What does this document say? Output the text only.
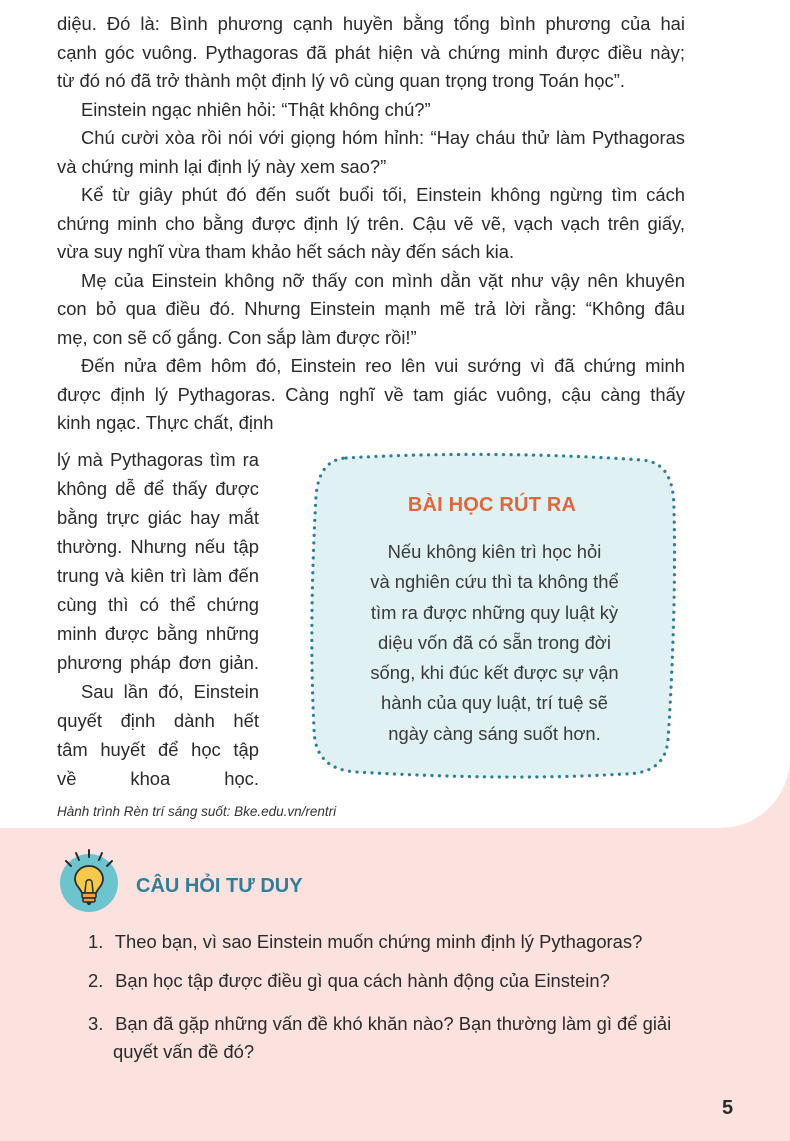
diệu. Đó là: Bình phương cạnh huyền bằng tổng bình phương của hai
cạnh góc vuông. Pythagoras đã phát hiện và chứng minh được điều này;
từ đó nó đã trở thành một định lý vô cùng quan trọng trong Toán học”.
Einstein ngạc nhiên hỏi: “Thật không chú?”
Chú cười xòa rồi nói với giọng hóm hỉnh: “Hay cháu thử làm Pythagoras
và chứng minh lại định lý này xem sao?”
Kể từ giây phút đó đến suốt buổi tối, Einstein không ngừng tìm cách
chứng minh cho bằng được định lý trên. Cậu vẽ vẽ, vạch vạch trên giấy,
vừa suy nghĩ vừa tham khảo hết sách này đến sách kia.
Mẹ của Einstein không nỡ thấy con mình dằn vặt như vậy nên khuyên
con bỏ qua điều đó. Nhưng Einstein mạnh mẽ trả lời rằng: “Không đâu
mẹ, con sẽ cố gắng. Con sắp làm được rồi!”
Đến nửa đêm hôm đó, Einstein reo lên vui sướng vì đã chứng minh
được định lý Pythagoras. Càng nghĩ về tam giác vuông, cậu càng thấy
kinh ngạc. Thực chất, định
lý mà Pythagoras tìm ra
không dễ để thấy được
bằng trực giác hay mắt
thường. Nhưng nếu tập
trung và kiên trì làm đến
cùng thì có thể chứng
minh được bằng những
phương pháp đơn giản.
Sau lần đó, Einstein
quyết định dành hết
tâm huyết để học tập
về khoa học.
BÀI HỌC RÚT RA
Nếu không kiên trì học hỏi
và nghiên cứu thì ta không thể
tìm ra được những quy luật kỳ
diệu vốn đã có sẵn trong đời
sống, khi đúc kết được sự vận
hành của quy luật, trí tuệ sẽ
ngày càng sáng suốt hơn.
Hành trình Rèn trí sáng suốt: Bke.edu.vn/rentri
CÂU HỎI TƯ DUY
1. Theo bạn, vì sao Einstein muốn chứng minh định lý Pythagoras?
2. Bạn học tập được điều gì qua cách hành động của Einstein?
3. Bạn đã gặp những vấn đề khó khăn nào? Bạn thường làm gì để giải
quyết vấn đề đó?
5
